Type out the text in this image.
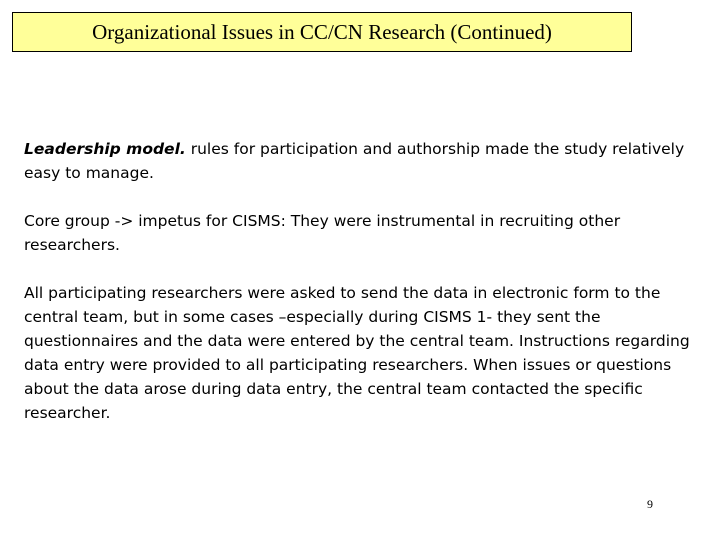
Organizational Issues in CC/CN Research (Continued)

Leadership model. rules for participation and authorship made the study relatively easy to manage.

Core group -> impetus for CISMS: They were instrumental in recruiting other researchers.

All participating researchers were asked to send the data in electronic form to the central team, but in some cases –especially during CISMS 1- they sent the questionnaires and the data were entered by the central team. Instructions regarding data entry were provided to all participating researchers. When issues or questions about the data arose during data entry, the central team contacted the specific researcher.

9
